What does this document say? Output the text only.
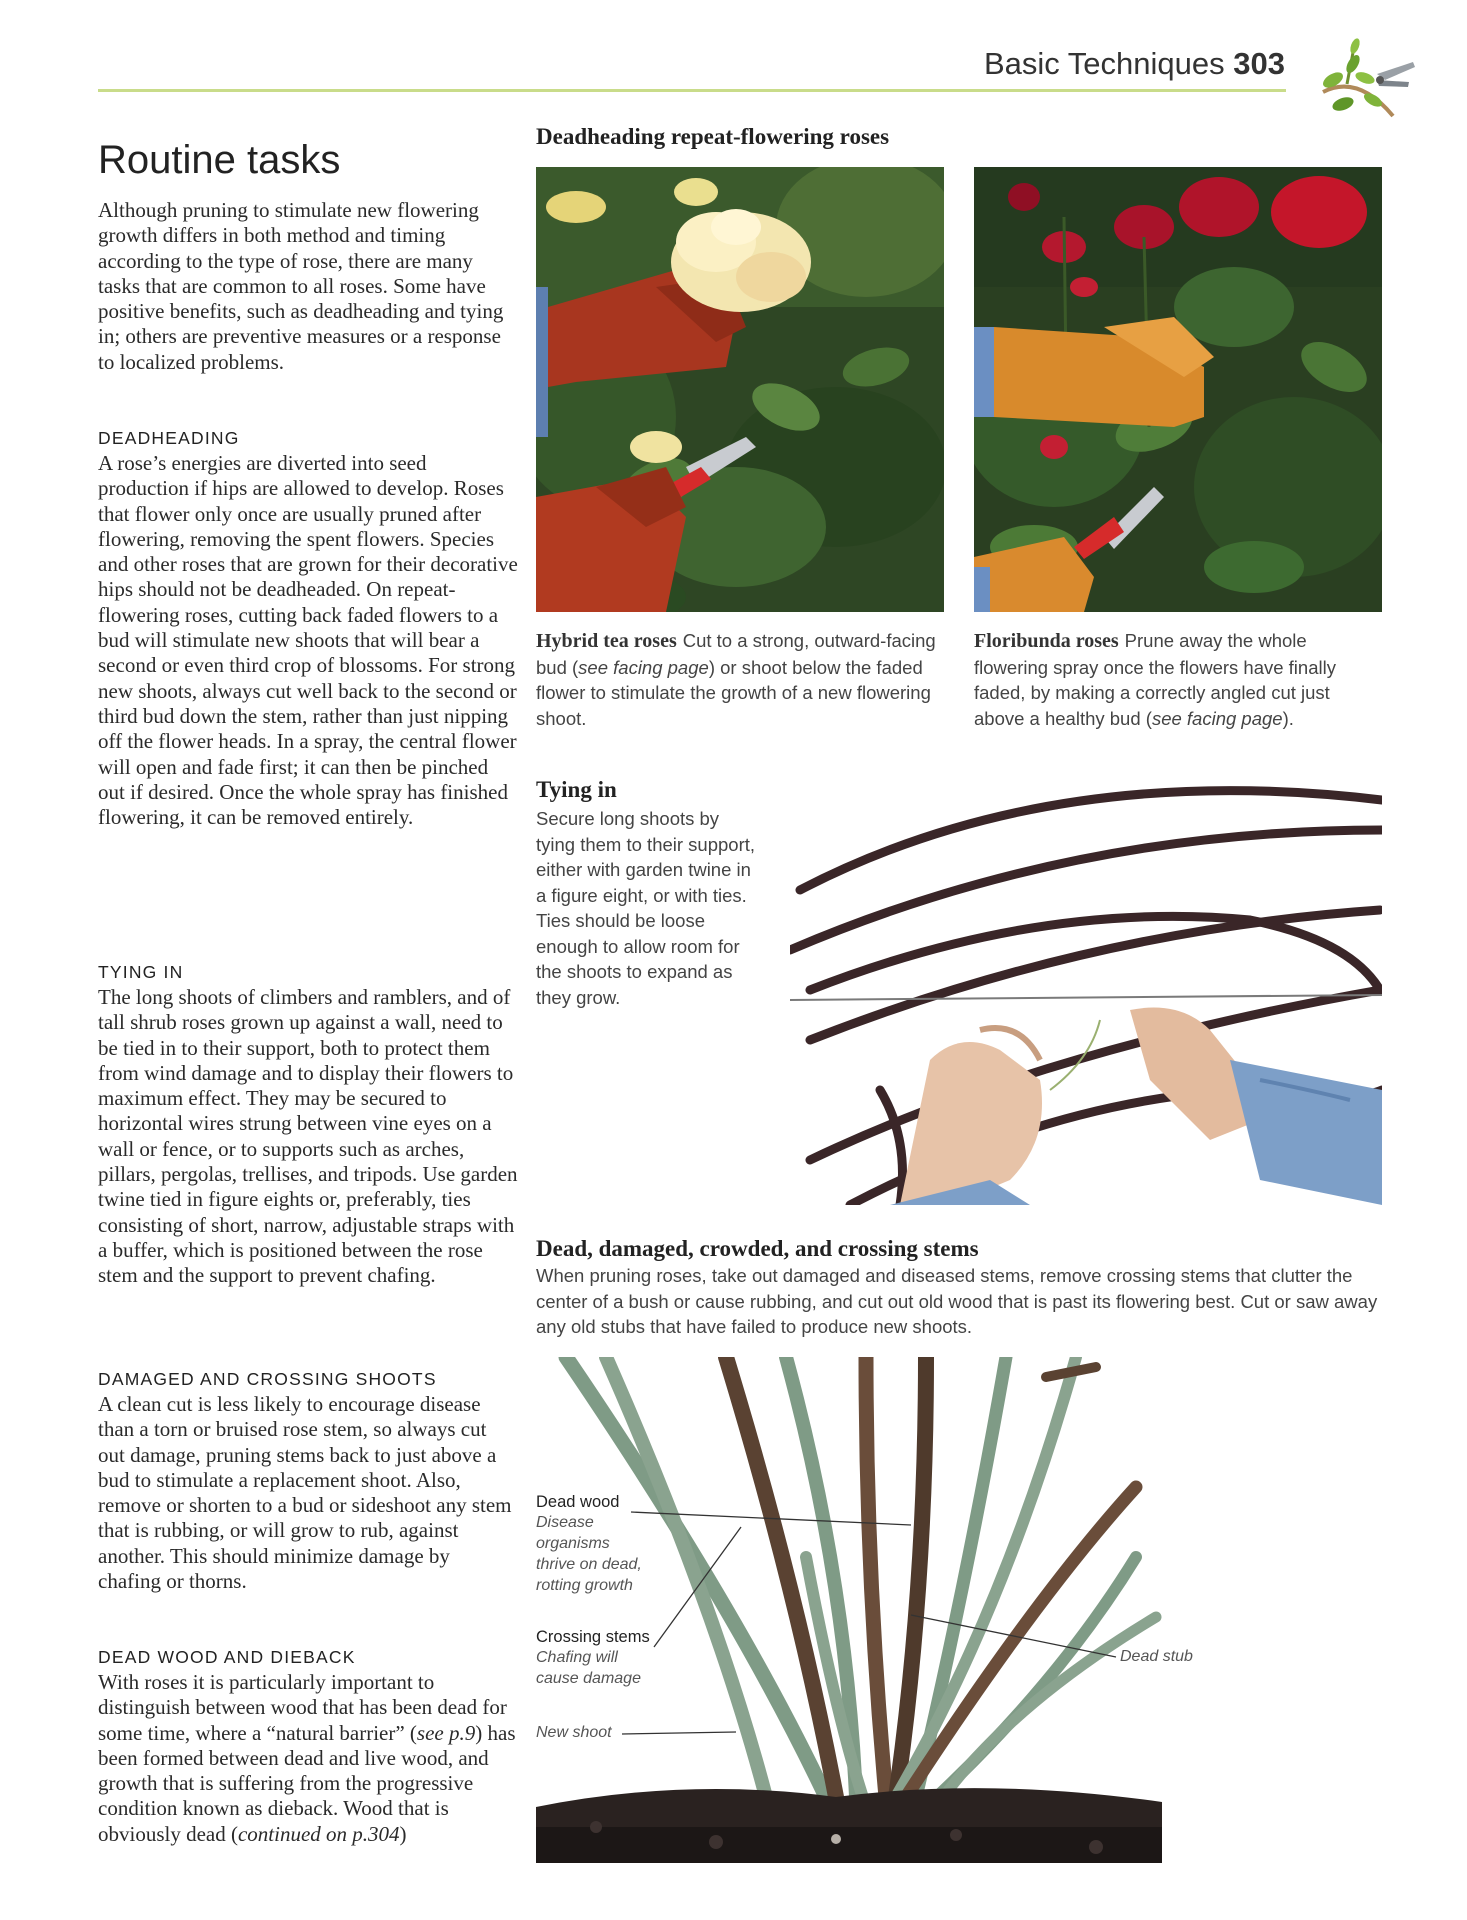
Basic Techniques 303
Routine tasks

Although pruning to stimulate new flowering growth differs in both method and timing according to the type of rose, there are many tasks that are common to all roses. Some have positive benefits, such as deadheading and tying in; others are preventive measures or a response to localized problems.

DEADHEADING

A rose’s energies are diverted into seed production if hips are allowed to develop. Roses that flower only once are usually pruned after flowering, removing the spent flowers. Species and other roses that are grown for their decorative hips should not be deadheaded. On repeat-flowering roses, cutting back faded flowers to a bud will stimulate new shoots that will bear a second or even third crop of blossoms. For strong new shoots, always cut well back to the second or third bud down the stem, rather than just nipping off the flower heads. In a spray, the central flower will open and fade first; it can then be pinched out if desired. Once the whole spray has finished flowering, it can be removed entirely.

TYING IN

The long shoots of climbers and ramblers, and of tall shrub roses grown up against a wall, need to be tied in to their support, both to protect them from wind damage and to display their flowers to maximum effect. They may be secured to horizontal wires strung between vine eyes on a wall or fence, or to supports such as arches, pillars, pergolas, trellises, and tripods. Use garden twine tied in figure eights or, preferably, ties consisting of short, narrow, adjustable straps with a buffer, which is positioned between the rose stem and the support to prevent chafing.

DAMAGED AND CROSSING SHOOTS

A clean cut is less likely to encourage disease than a torn or bruised rose stem, so always cut out damage, pruning stems back to just above a bud to stimulate a replacement shoot. Also, remove or shorten to a bud or sideshoot any stem that is rubbing, or will grow to rub, against another. This should minimize damage by chafing or thorns.

DEAD WOOD AND DIEBACK

With roses it is particularly important to distinguish between wood that has been dead for some time, where a “natural barrier” (see p.9) has been formed between dead and live wood, and growth that is suffering from the progressive condition known as dieback. Wood that is obviously dead (continued on p.304)

Deadheading repeat-flowering roses

Hybrid tea roses Cut to a strong, outward-facing bud (see facing page) or shoot below the faded flower to stimulate the growth of a new flowering shoot.

Floribunda roses Prune away the whole flowering spray once the flowers have finally faded, by making a correctly angled cut just above a healthy bud (see facing page).

Tying in

Secure long shoots by tying them to their support, either with garden twine in a figure eight, or with ties. Ties should be loose enough to allow room for the shoots to expand as they grow.

Dead, damaged, crowded, and crossing stems

When pruning roses, take out damaged and diseased stems, remove crossing stems that clutter the center of a bush or cause rubbing, and cut out old wood that is past its flowering best. Cut or saw away any old stubs that have failed to produce new shoots.

Dead wood
Disease
organisms
thrive on dead,
rotting growth
Crossing stems
Chafing will
cause damage
New shoot
Dead stub
